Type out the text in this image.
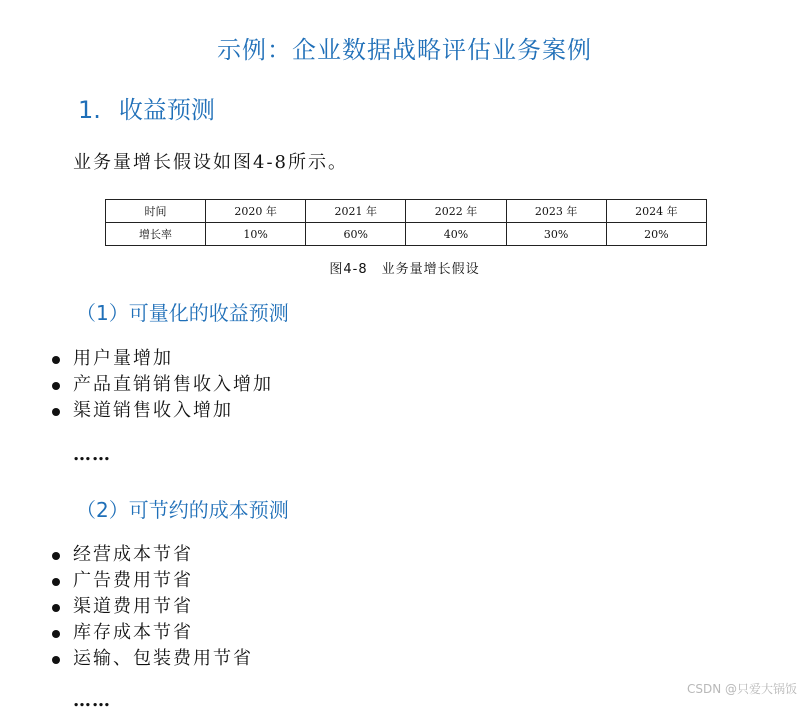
示例：企业数据战略评估业务案例
1. 收益预测
业务量增长假设如图4-8所示。
时间	2020 年	2021 年	2022 年	2023 年	2024 年
增长率	10%	60%	40%	30%	20%
图4-8　业务量增长假设
（1）可量化的收益预测
用户量增加
产品直销销售收入增加
渠道销售收入增加
……
（2）可节约的成本预测
经营成本节省
广告费用节省
渠道费用节省
库存成本节省
运输、包装费用节省
……
CSDN @只爱大锅饭
